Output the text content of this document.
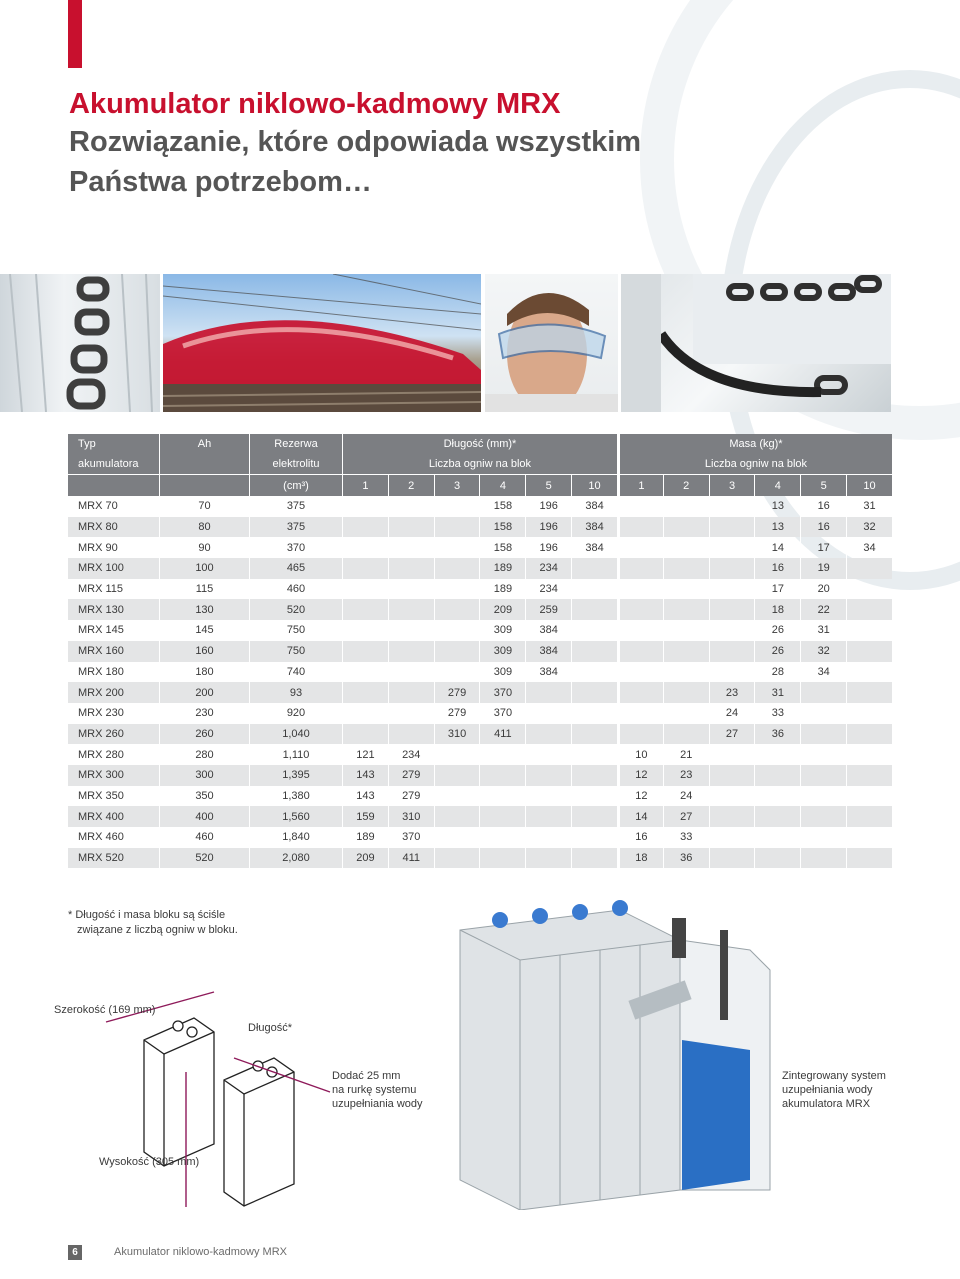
Akumulator niklowo-kadmowy MRX
Rozwiązanie, które odpowiada wszystkim
Państwa potrzebom…
Typ	Ah	Rezerwa	Długość (mm)*						Masa (kg)*					
akumulatora		elektrolitu	Liczba ogniw na blok						Liczba ogniw na blok					
		(cm³)	1	2	3	4	5	10	1	2	3	4	5	10
MRX 70	70	375				158	196	384				13	16	31
MRX 80	80	375				158	196	384				13	16	32
MRX 90	90	370				158	196	384				14	17	34
MRX 100	100	465				189	234					16	19	
MRX 115	115	460				189	234					17	20	
MRX 130	130	520				209	259					18	22	
MRX 145	145	750				309	384					26	31	
MRX 160	160	750				309	384					26	32	
MRX 180	180	740				309	384					28	34	
MRX 200	200	93			279	370					23	31		
MRX 230	230	920			279	370					24	33		
MRX 260	260	1,040			310	411					27	36		
MRX 280	280	1,110	121	234					10	21				
MRX 300	300	1,395	143	279					12	23				
MRX 350	350	1,380	143	279					12	24				
MRX 400	400	1,560	159	310					14	27				
MRX 460	460	1,840	189	370					16	33				
MRX 520	520	2,080	209	411					18	36				
* Długość i masa bloku są ściśle
związane z liczbą ogniw w bloku.
Szerokość (169 mm)
Długość*
Wysokość (305 mm)
Dodać 25 mm
na rurkę systemu
uzupełniania wody
Zintegrowany system
uzupełniania wody
akumulatora MRX
6	Akumulator niklowo-kadmowy MRX
